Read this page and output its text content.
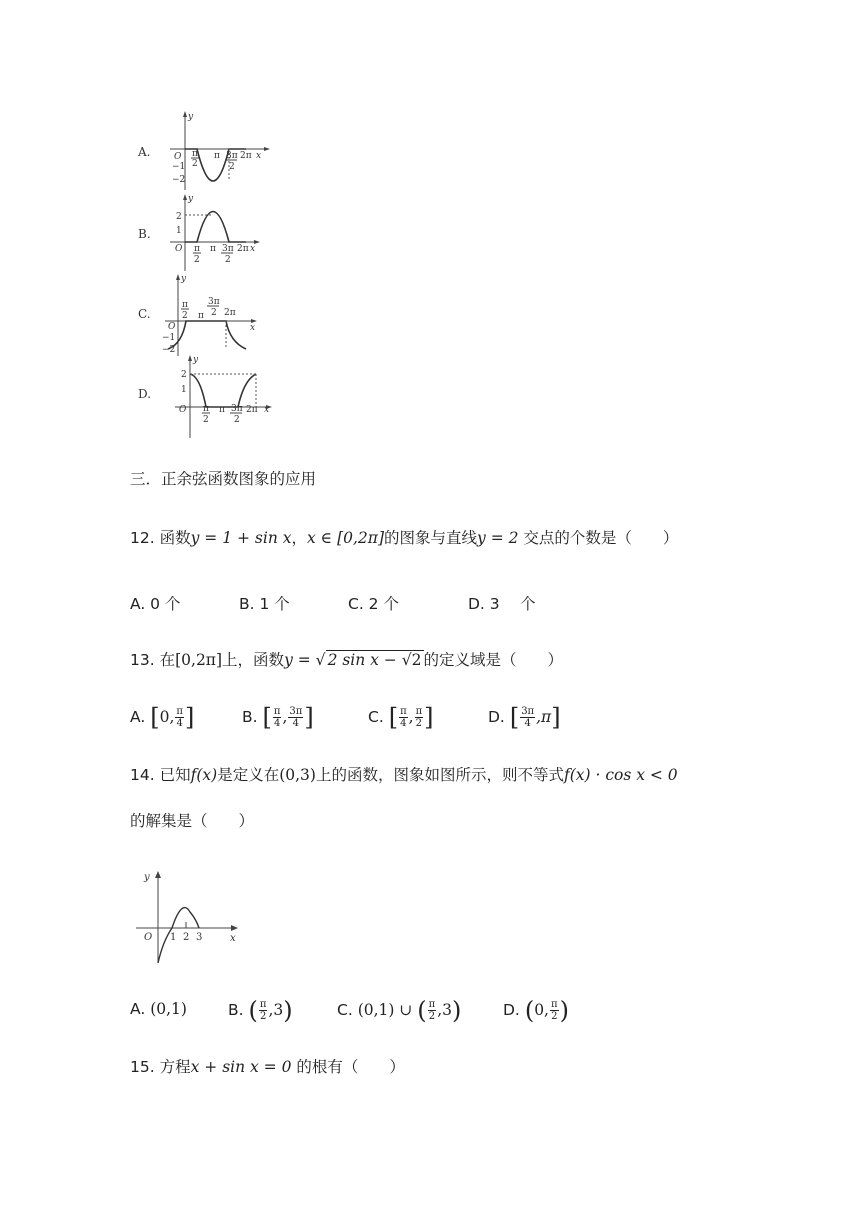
A.
y
O π
2
π 3π
2
2π x
−1
−2
B.
y
2
1
O π
2
π 3π
2
2π x
C.
y
π
2 π
3π
2 2π
x
O
−1
−2
D.
y
2
1
O π
2
π 3π
2
2π x
三．正余弦函数图象的应用
12. 函数y = 1 + sin x，x ∈ [0,2π]的图象与直线y = 2 交点的个数是（　　）
A. 0 个	B. 1 个	C. 2 个	D. 3　 个
13. 在[0,2π]上，函数y = √ 2 sin x − √2 的定义域是（　　）
A. [0, $\frac{\pi}{4}$ ]	B. [ $\frac{\pi}{4}$ , $\frac{3\pi}{4}$ ]	C. [ $\frac{\pi}{4}$ , $\frac{\pi}{2}$ ]	D. [ $\frac{3\pi}{4} ,\pi$]
14. 已知f(x)是定义在(0,3)上的函数，图象如图所示，则不等式f(x) · cos x < 0
的解集是（　　）
y
x
O 1 2 3
A. (0,1)	B. ( $\frac{\pi}{2} ,3$)	C. (0,1) ∪ ( $\frac{\pi}{2} ,3$)	D. (0, $\frac{\pi}{2}$ )
15. 方程x + sin x = 0 的根有（　　）
